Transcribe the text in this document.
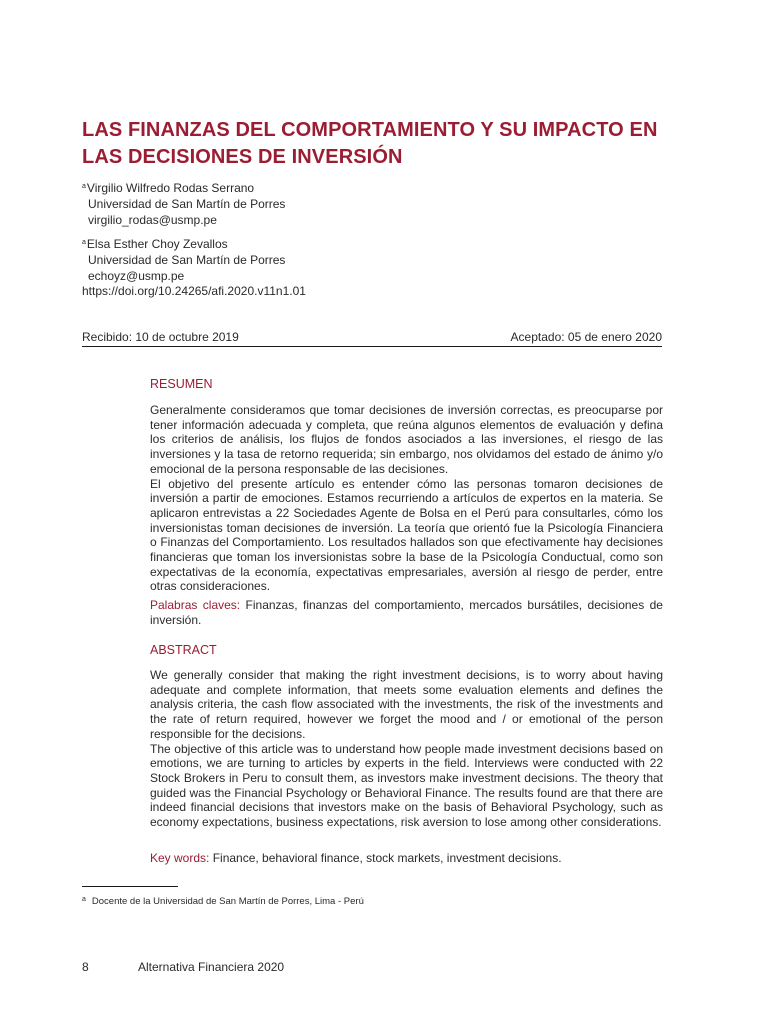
LAS FINANZAS DEL COMPORTAMIENTO Y SU IMPACTO EN
LAS DECISIONES DE INVERSIÓN
$^a$Virgilio Wilfredo Rodas Serrano
Universidad de San Martín de Porres
virgilio_rodas@usmp.pe
$^a$Elsa Esther Choy Zevallos
Universidad de San Martín de Porres
echoyz@usmp.pe
https://doi.org/10.24265/afi.2020.v11n1.01
Recibido: 10 de octubre 2019	Aceptado: 05 de enero 2020
RESUMEN

Generalmente consideramos que tomar decisiones de inversión correctas, es preocuparse por tener información adecuada y completa, que reúna algunos elementos de evaluación y defina los criterios de análisis, los flujos de fondos asociados a las inversiones, el riesgo de las inversiones y la tasa de retorno requerida; sin embargo, nos olvidamos del estado de ánimo y/o emocional de la persona responsable de las decisiones.

El objetivo del presente artículo es entender cómo las personas tomaron decisiones de inversión a partir de emociones. Estamos recurriendo a artículos de expertos en la materia. Se aplicaron entrevistas a 22 Sociedades Agente de Bolsa en el Perú para consultarles, cómo los inversionistas toman decisiones de inversión. La teoría que orientó fue la Psicología Financiera o Finanzas del Comportamiento. Los resultados hallados son que efectivamente hay decisiones financieras que toman los inversionistas sobre la base de la Psicología Conductual, como son expectativas de la economía, expectativas empresariales, aversión al riesgo de perder, entre otras consideraciones.

Palabras claves: Finanzas, finanzas del comportamiento, mercados bursátiles, decisiones de inversión.
ABSTRACT

We generally consider that making the right investment decisions, is to worry about having adequate and complete information, that meets some evaluation elements and defines the analysis criteria, the cash flow associated with the investments, the risk of the investments and the rate of return required, however we forget the mood and / or emotional of the person responsible for the decisions.

The objective of this article was to understand how people made investment decisions based on emotions, we are turning to articles by experts in the field. Interviews were conducted with 22 Stock Brokers in Peru to consult them, as investors make investment decisions. The theory that guided was the Financial Psychology or Behavioral Finance. The results found are that there are indeed financial decisions that investors make on the basis of Behavioral Psychology, such as economy expectations, business expectations, risk aversion to lose among other considerations.

Key words: Finance, behavioral finance, stock markets, investment decisions.
$^a$ Docente de la Universidad de San Martín de Porres, Lima - Perú
8	Alternativa Financiera 2020
